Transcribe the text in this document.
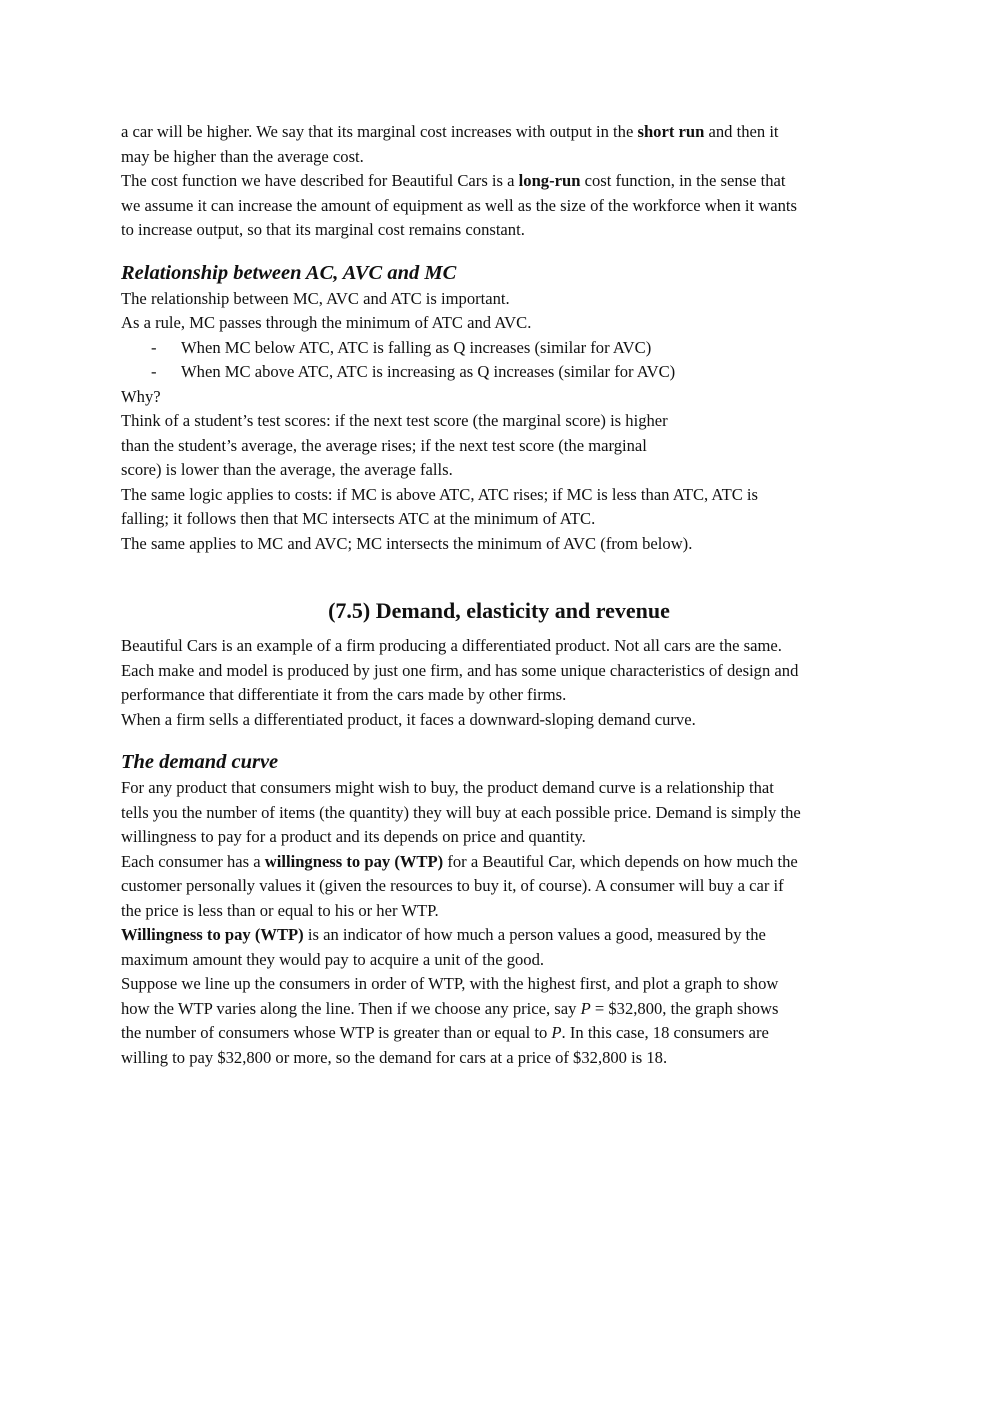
a car will be higher. We say that its marginal cost increases with output in the short run and then it
may be higher than the average cost.
The cost function we have described for Beautiful Cars is a long-run cost function, in the sense that
we assume it can increase the amount of equipment as well as the size of the workforce when it wants
to increase output, so that its marginal cost remains constant.
Relationship between AC, AVC and MC
The relationship between MC, AVC and ATC is important.
As a rule, MC passes through the minimum of ATC and AVC.
- When MC below ATC, ATC is falling as Q increases (similar for AVC)
- When MC above ATC, ATC is increasing as Q increases (similar for AVC)
Why?
Think of a student’s test scores: if the next test score (the marginal score) is higher
than the student’s average, the average rises; if the next test score (the marginal
score) is lower than the average, the average falls.
The same logic applies to costs: if MC is above ATC, ATC rises; if MC is less than ATC, ATC is
falling; it follows then that MC intersects ATC at the minimum of ATC.
The same applies to MC and AVC; MC intersects the minimum of AVC (from below).
(7.5) Demand, elasticity and revenue
Beautiful Cars is an example of a firm producing a differentiated product. Not all cars are the same.
Each make and model is produced by just one firm, and has some unique characteristics of design and
performance that differentiate it from the cars made by other firms.
When a firm sells a differentiated product, it faces a downward-sloping demand curve.
The demand curve
For any product that consumers might wish to buy, the product demand curve is a relationship that
tells you the number of items (the quantity) they will buy at each possible price. Demand is simply the
willingness to pay for a product and its depends on price and quantity.
Each consumer has a willingness to pay (WTP) for a Beautiful Car, which depends on how much the
customer personally values it (given the resources to buy it, of course). A consumer will buy a car if
the price is less than or equal to his or her WTP.
Willingness to pay (WTP) is an indicator of how much a person values a good, measured by the
maximum amount they would pay to acquire a unit of the good.
Suppose we line up the consumers in order of WTP, with the highest first, and plot a graph to show
how the WTP varies along the line. Then if we choose any price, say P = $32,800, the graph shows
the number of consumers whose WTP is greater than or equal to P. In this case, 18 consumers are
willing to pay $32,800 or more, so the demand for cars at a price of $32,800 is 18.
